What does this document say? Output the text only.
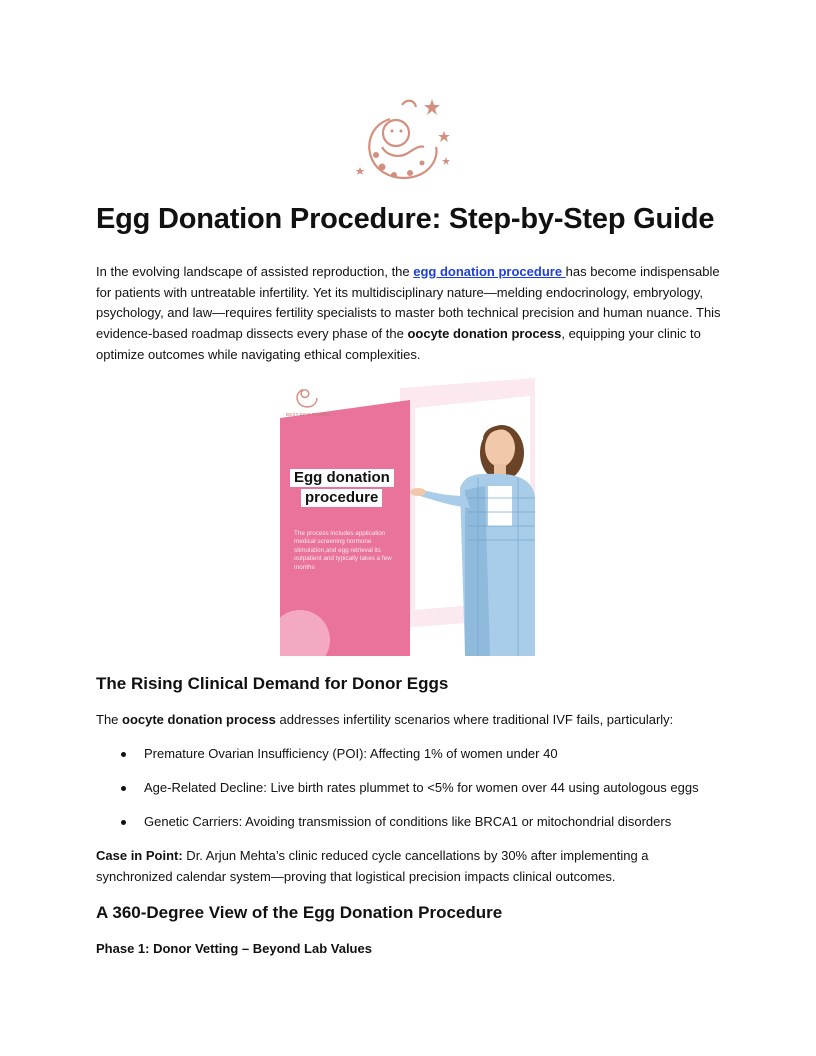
Egg Donation Procedure: Step-by-Step Guide

In the evolving landscape of assisted reproduction, the egg donation procedure has become indispensable for patients with untreatable infertility. Yet its multidisciplinary nature—melding endocrinology, embryology, psychology, and law—requires fertility specialists to master both technical precision and human nuance. This evidence-based roadmap dissects every phase of the oocyte donation process, equipping your clinic to optimize outcomes while navigating ethical complexities.

BEST EGG DONOR
Egg donation
procedure
The process includes application medical screening hormone stimulation,and egg retrieval its outpatient and typically takes a few months
The Rising Clinical Demand for Donor Eggs

The oocyte donation process addresses infertility scenarios where traditional IVF fails, particularly:

Premature Ovarian Insufficiency (POI): Affecting 1% of women under 40
Age-Related Decline: Live birth rates plummet to <5% for women over 44 using autologous eggs
Genetic Carriers: Avoiding transmission of conditions like BRCA1 or mitochondrial disorders

Case in Point: Dr. Arjun Mehta’s clinic reduced cycle cancellations by 30% after implementing a synchronized calendar system—proving that logistical precision impacts clinical outcomes.

A 360-Degree View of the Egg Donation Procedure

Phase 1: Donor Vetting – Beyond Lab Values
